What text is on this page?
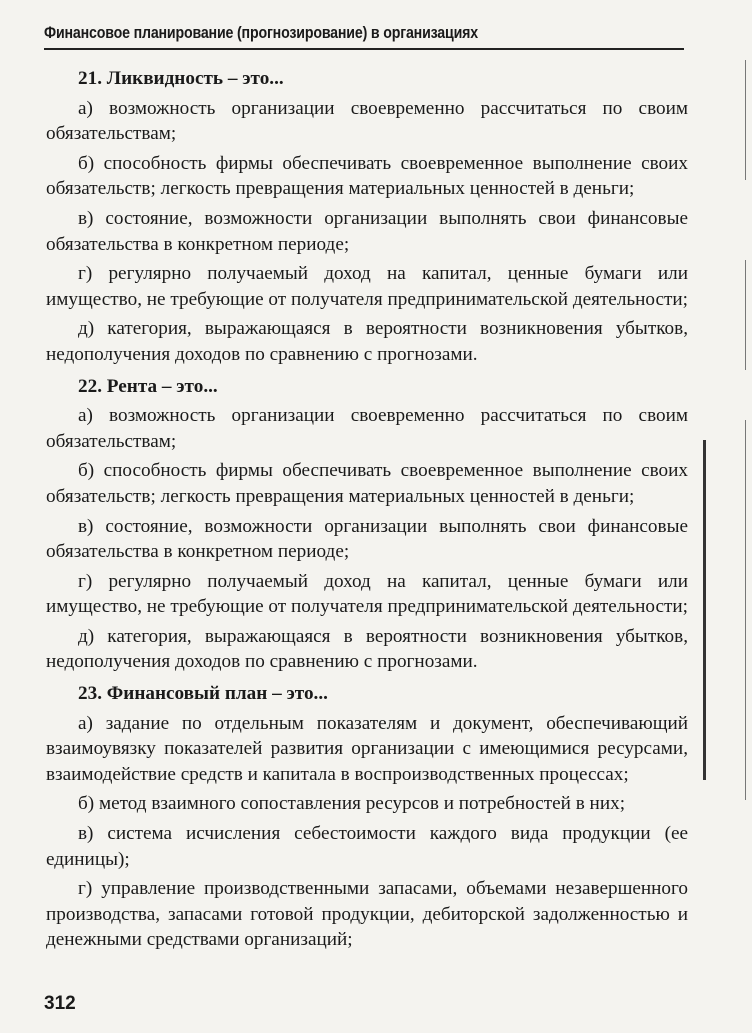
Финансовое планирование (прогнозирование) в организациях
21. Ликвидность – это...
а) возможность организации своевременно рассчитаться по своим обязательствам;
б) способность фирмы обеспечивать своевременное выполнение своих обязательств; легкость превращения материальных ценностей в деньги;
в) состояние, возможности организации выполнять свои финансовые обязательства в конкретном периоде;
г) регулярно получаемый доход на капитал, ценные бумаги или имущество, не требующие от получателя предпринимательской деятельности;
д) категория, выражающаяся в вероятности возникновения убытков, недополучения доходов по сравнению с прогнозами.
22. Рента – это...
а) возможность организации своевременно рассчитаться по своим обязательствам;
б) способность фирмы обеспечивать своевременное выполнение своих обязательств; легкость превращения материальных ценностей в деньги;
в) состояние, возможности организации выполнять свои финансовые обязательства в конкретном периоде;
г) регулярно получаемый доход на капитал, ценные бумаги или имущество, не требующие от получателя предпринимательской деятельности;
д) категория, выражающаяся в вероятности возникновения убытков, недополучения доходов по сравнению с прогнозами.
23. Финансовый план – это...
а) задание по отдельным показателям и документ, обеспечивающий взаимоувязку показателей развития организации с имеющимися ресурсами, взаимодействие средств и капитала в воспроизводственных процессах;
б) метод взаимного сопоставления ресурсов и потребностей в них;
в) система исчисления себестоимости каждого вида продукции (ее единицы);
г) управление производственными запасами, объемами незавершенного производства, запасами готовой продукции, дебиторской задолженностью и денежными средствами организаций;
312
